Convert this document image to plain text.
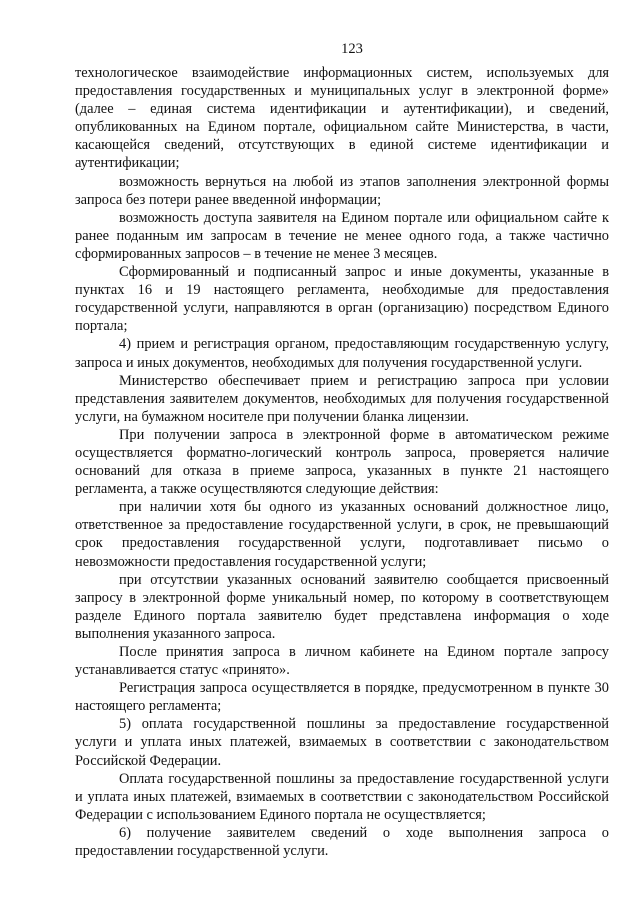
123

технологическое взаимодействие информационных систем, используемых для предоставления государственных и муниципальных услуг в электронной форме» (далее – единая система идентификации и аутентификации), и сведений, опубликованных на Едином портале, официальном сайте Министерства, в части, касающейся сведений, отсутствующих в единой системе идентификации и аутентификации;

возможность вернуться на любой из этапов заполнения электронной формы запроса без потери ранее введенной информации;

возможность доступа заявителя на Едином портале или официальном сайте к ранее поданным им запросам в течение не менее одного года, а также частично сформированных запросов – в течение не менее 3 месяцев.

Сформированный и подписанный запрос и иные документы, указанные в пунктах 16 и 19 настоящего регламента, необходимые для предоставления государственной услуги, направляются в орган (организацию) посредством Единого портала;

4) прием и регистрация органом, предоставляющим государственную услугу, запроса и иных документов, необходимых для получения государственной услуги.

Министерство обеспечивает прием и регистрацию запроса при условии представления заявителем документов, необходимых для получения государственной услуги, на бумажном носителе при получении бланка лицензии.

При получении запроса в электронной форме в автоматическом режиме осуществляется форматно-логический контроль запроса, проверяется наличие оснований для отказа в приеме запроса, указанных в пункте 21 настоящего регламента, а также осуществляются следующие действия:

при наличии хотя бы одного из указанных оснований должностное лицо, ответственное за предоставление государственной услуги, в срок, не превышающий срок предоставления государственной услуги, подготавливает письмо о невозможности предоставления государственной услуги;

при отсутствии указанных оснований заявителю сообщается присвоенный запросу в электронной форме уникальный номер, по которому в соответствующем разделе Единого портала заявителю будет представлена информация о ходе выполнения указанного запроса.

После принятия запроса в личном кабинете на Едином портале запросу устанавливается статус «принято».

Регистрация запроса осуществляется в порядке, предусмотренном в пункте 30 настоящего регламента;

5) оплата государственной пошлины за предоставление государственной услуги и уплата иных платежей, взимаемых в соответствии с законодательством Российской Федерации.

Оплата государственной пошлины за предоставление государственной услуги и уплата иных платежей, взимаемых в соответствии с законодательством Российской Федерации с использованием Единого портала не осуществляется;

6) получение заявителем сведений о ходе выполнения запроса о предоставлении государственной услуги.
